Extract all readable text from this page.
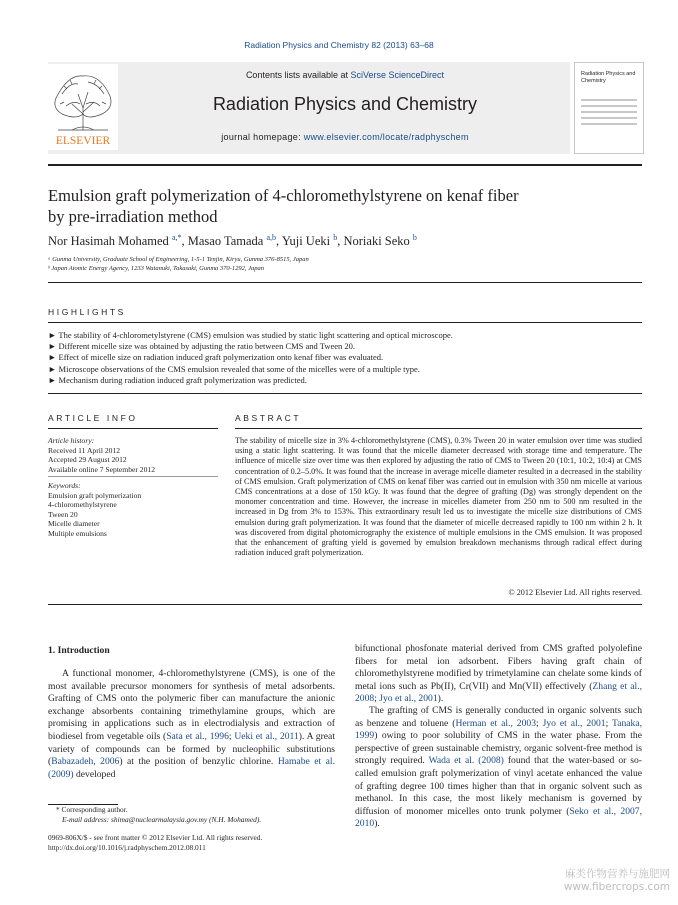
Radiation Physics and Chemistry 82 (2013) 63–68
ELSEVIER
Contents lists available at SciVerse ScienceDirect
Radiation Physics and Chemistry
journal homepage: www.elsevier.com/locate/radphyschem
Radiation Physics and Chemistry
Emulsion graft polymerization of 4-chloromethylstyrene on kenaf fiber
by pre-irradiation method
Nor Hasimah Mohamed $^{a,*}$, Masao Tamada $^{a,b}$, Yuji Ueki $^b$, Noriaki Seko $^b$
ᵃ Gunma University, Graduate School of Engineering, 1-5-1 Tenjin, Kiryu, Gunma 376-8515, Japan
ᵇ Japan Atomic Energy Agency, 1233 Watanuki, Takasaki, Gunma 370-1292, Japan
HIGHLIGHTS
► The stability of 4-chlorometylstyrene (CMS) emulsion was studied by static light scattering and optical microscope.
► Different micelle size was obtained by adjusting the ratio between CMS and Tween 20.
► Effect of micelle size on radiation induced graft polymerization onto kenaf fiber was evaluated.
► Microscope observations of the CMS emulsion revealed that some of the micelles were of a multiple type.
► Mechanism during radiation induced graft polymerization was predicted.
ARTICLE INFO
Article history:
Received 11 April 2012
Accepted 29 August 2012
Available online 7 September 2012
Keywords:
Emulsion graft polymerization
4-chloromethylstyrene
Tween 20
Micelle diameter
Multiple emulsions
ABSTRACT
The stability of micelle size in 3% 4-chloromethylstyrene (CMS), 0.3% Tween 20 in water emulsion over time was studied using a static light scattering. It was found that the micelle diameter decreased with storage time and temperature. The influence of micelle size over time was then explored by adjusting the ratio of CMS to Tween 20 (10:1, 10:2, 10:4) at CMS concentration of 0.2–5.0%. It was found that the increase in average micelle diameter resulted in a decreased in the stability of CMS emulsion. Graft polymerization of CMS on kenaf fiber was carried out in emulsion with 350 nm micelle at various CMS concentrations at a dose of 150 kGy. It was found that the degree of grafting (Dg) was strongly dependent on the monomer concentration and time. However, the increase in micelles diameter from 250 nm to 500 nm resulted in the increased in Dg from 3% to 153%. This extraordinary result led us to investigate the micelle size distributions of CMS emulsion during graft polymerization. It was found that the diameter of micelle decreased rapidly to 100 nm within 2 h. It was discovered from digital photomicrography the existence of multiple emulsions in the CMS emulsion. It was proposed that the enhancement of grafting yield is governed by emulsion breakdown mechanisms through radical effect during radiation induced graft polymerization.
© 2012 Elsevier Ltd. All rights reserved.
1. Introduction
A functional monomer, 4-chloromethylstyrene (CMS), is one of the most available precursor monomers for synthesis of metal adsorbents. Grafting of CMS onto the polymeric fiber can manufacture the anionic exchange absorbents containing trimethylamine groups, which are promising in applications such as in electrodialysis and extraction of biodiesel from vegetable oils (Sata et al., 1996; Ueki et al., 2011). A great variety of compounds can be formed by nucleophilic substitutions (Babazadeh, 2006) at the position of benzylic chlorine. Hamabe et al. (2009) developed
bifunctional phosfonate material derived from CMS grafted polyolefine fibers for metal ion adsorbent. Fibers having graft chain of chloromethylstyrene modified by trimetylamine can chelate some kinds of metal ions such as Pb(II), Cr(VII) and Mn(VII) effectively (Zhang et al., 2008; Jyo et al., 2001).
The grafting of CMS is generally conducted in organic solvents such as benzene and toluene (Herman et al., 2003; Jyo et al., 2001; Tanaka, 1999) owing to poor solubility of CMS in the water phase. From the perspective of green sustainable chemistry, organic solvent-free method is strongly required. Wada et al. (2008) found that the water-based or so-called emulsion graft polymerization of vinyl acetate enhanced the value of grafting degree 100 times higher than that in organic solvent such as methanol. In this case, the most likely mechanism is governed by diffusion of monomer micelles onto trunk polymer (Seko et al., 2007, 2010).
* Corresponding author.
E-mail address: shima@nuclearmalaysia.gov.my (N.H. Mohamed).
0969-806X/$ - see front matter © 2012 Elsevier Ltd. All rights reserved.
http://dx.doi.org/10.1016/j.radphyschem.2012.08.011
麻类作物营养与施肥网
www.fibercrops.com
